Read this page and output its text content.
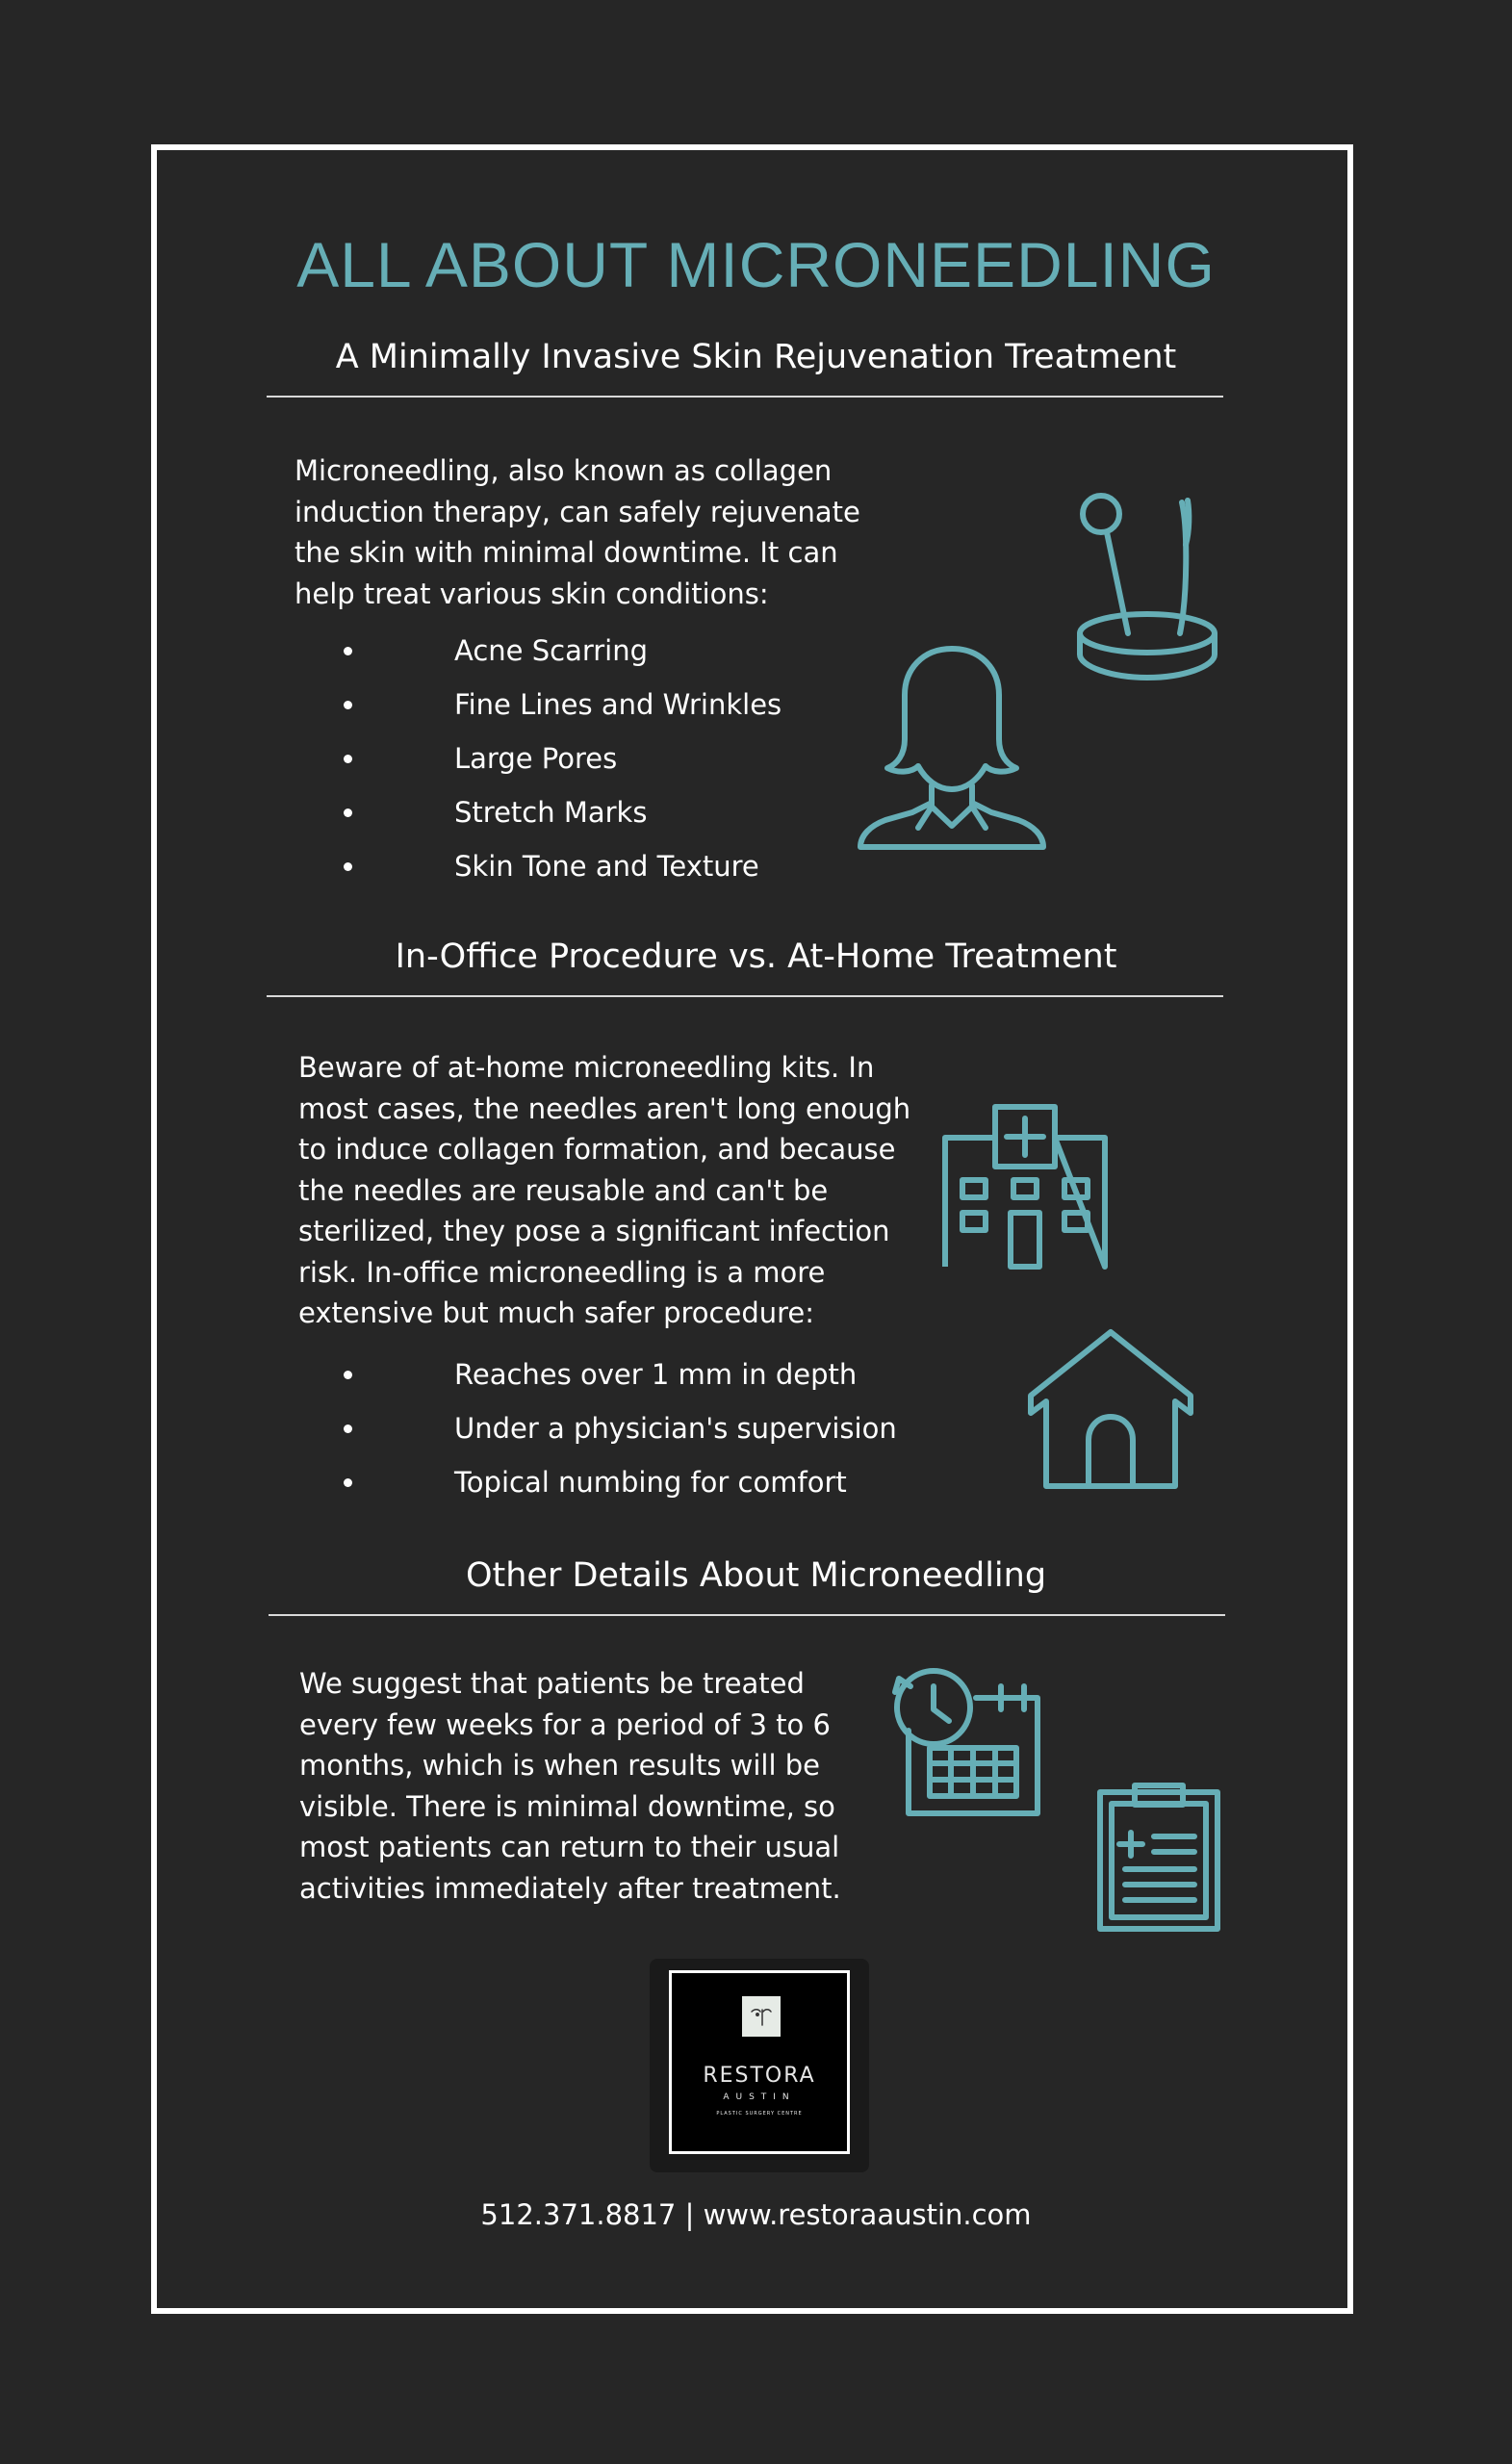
ALL ABOUT MICRONEEDLING
A Minimally Invasive Skin Rejuvenation Treatment
Microneedling, also known as collagen induction therapy, can safely rejuvenate the skin with minimal downtime. It can help treat various skin conditions:
Acne Scarring
Fine Lines and Wrinkles
Large Pores
Stretch Marks
Skin Tone and Texture
In-Office Procedure vs. At-Home Treatment
Beware of at-home microneedling kits. In most cases, the needles aren't long enough to induce collagen formation, and because the needles are reusable and can't be sterilized, they pose a significant infection risk. In-office microneedling is a more extensive but much safer procedure:
Reaches over 1 mm in depth
Under a physician's supervision
Topical numbing for comfort
Other Details About Microneedling
We suggest that patients be treated every few weeks for a period of 3 to 6 months, which is when results will be visible. There is minimal downtime, so most patients can return to their usual activities immediately after treatment.
RESTORA
AUSTIN
PLASTIC SURGERY CENTRE
512.371.8817 | www.restoraaustin.com
